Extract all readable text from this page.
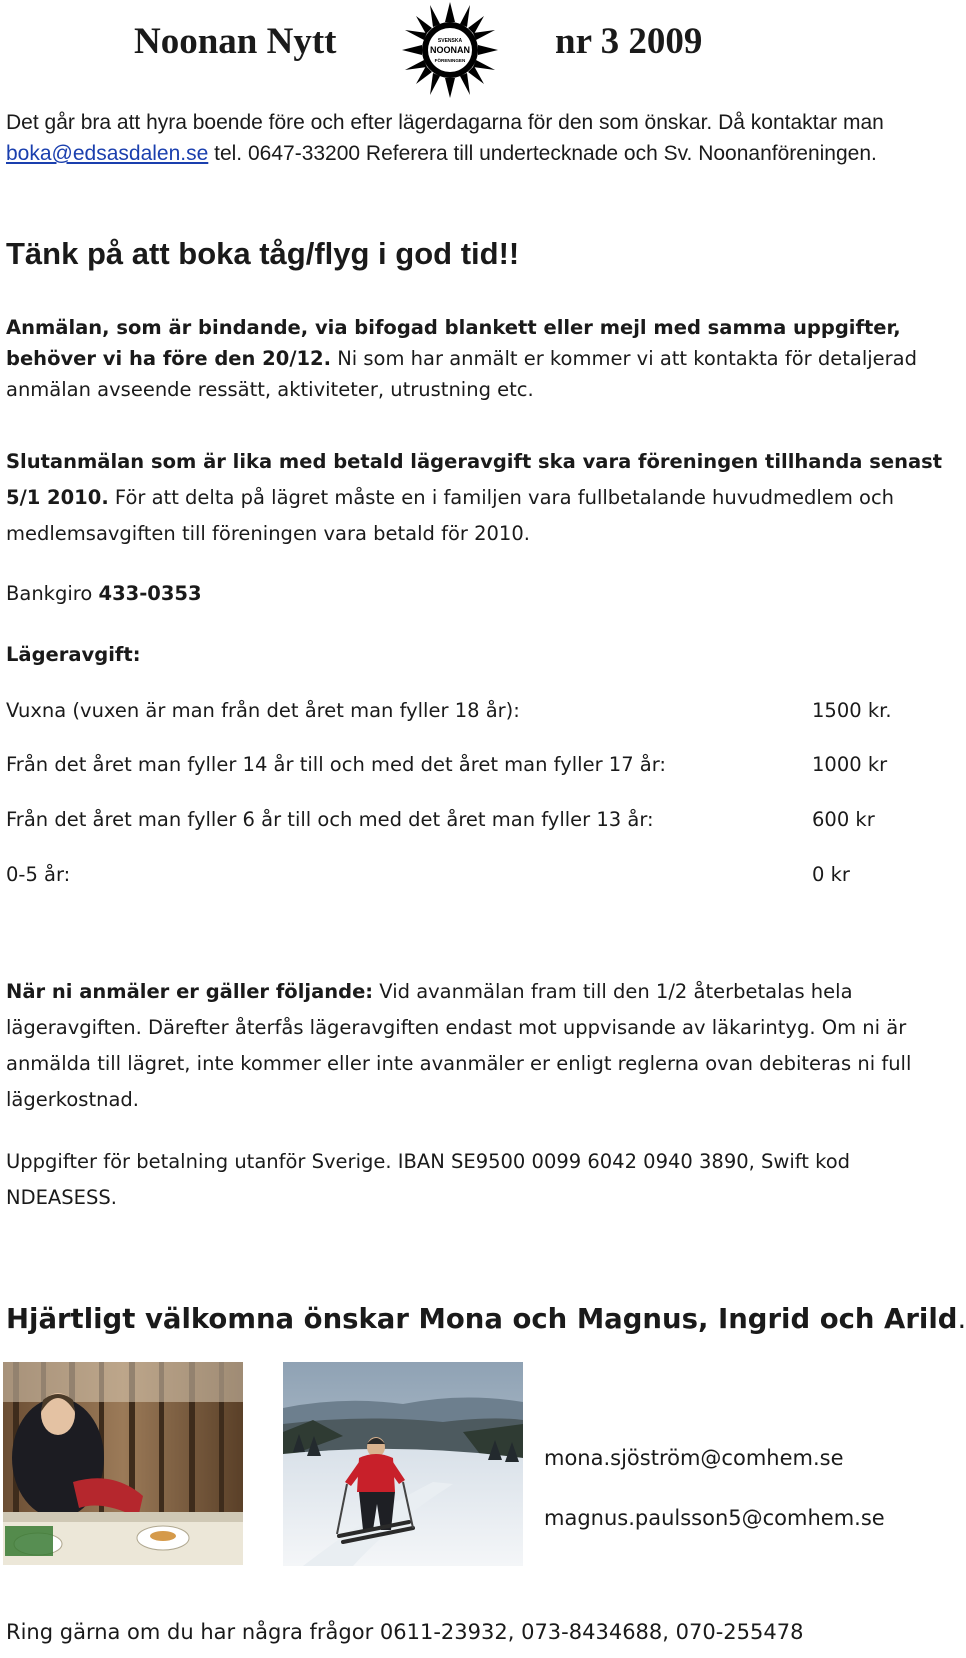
Noonan Nytt	SVENSKA
NOONAN
FÖRENINGEN nr 3 2009
Det går bra att hyra boende före och efter lägerdagarna för den som önskar. Då kontaktar man boka@edsasdalen.se tel. 0647-33200 Referera till undertecknade och Sv. Noonanföreningen.
Tänk på att boka tåg/flyg i god tid!!
Anmälan, som är bindande, via bifogad blankett eller mejl med samma uppgifter, behöver vi ha före den 20/12. Ni som har anmält er kommer vi att kontakta för detaljerad anmälan avseende ressätt, aktiviteter, utrustning etc.
Slutanmälan som är lika med betald lägeravgift ska vara föreningen tillhanda senast 5/1 2010. För att delta på lägret måste en i familjen vara fullbetalande huvudmedlem och medlemsavgiften till föreningen vara betald för 2010.
Bankgiro 433-0353
Lägeravgift:
Vuxna (vuxen är man från det året man fyller 18 år):	1500 kr.
Från det året man fyller 14 år till och med det året man fyller 17 år:	1000 kr
Från det året man fyller 6 år till och med det året man fyller 13 år:	600 kr
0-5 år:	0 kr
När ni anmäler er gäller följande: Vid avanmälan fram till den 1/2 återbetalas hela lägeravgiften. Därefter återfås lägeravgiften endast mot uppvisande av läkarintyg. Om ni är anmälda till lägret, inte kommer eller inte avanmäler er enligt reglerna ovan debiteras ni full lägerkostnad.
Uppgifter för betalning utanför Sverige. IBAN SE9500 0099 6042 0940 3890, Swift kod NDEASESS.
Hjärtligt välkomna önskar Mona och Magnus, Ingrid och Arild.
mona.sjöström@comhem.se
magnus.paulsson5@comhem.se
Ring gärna om du har några frågor 0611-23932, 073-8434688, 070-255478
